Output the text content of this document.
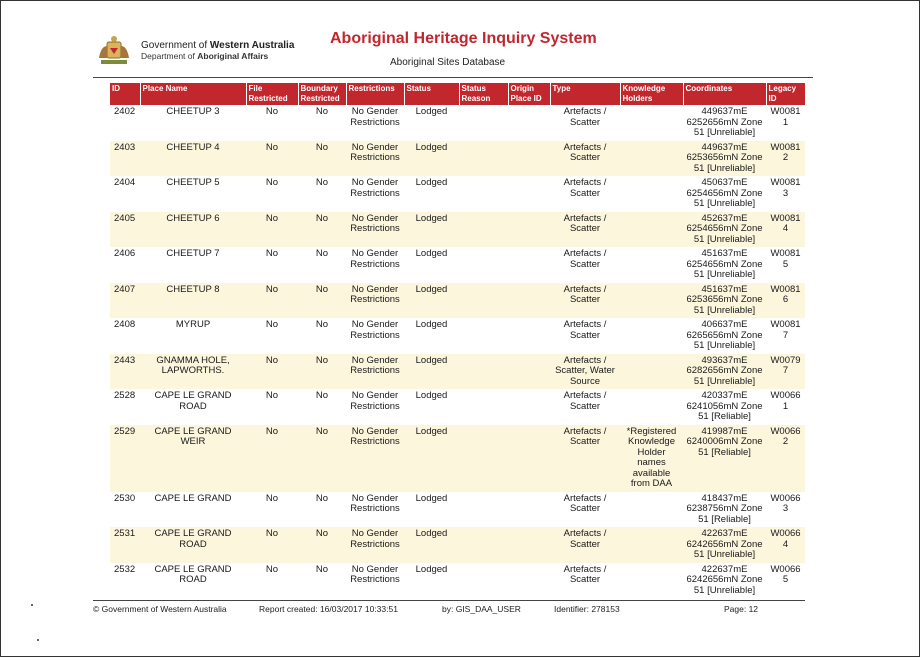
Government of Western Australia
Department of Aboriginal Affairs
Aboriginal Heritage Inquiry System
Aboriginal Sites Database
ID	Place Name	File Restricted	Boundary Restricted	Restrictions	Status	Status Reason	Origin Place ID	Type	Knowledge Holders	Coordinates	Legacy ID
2402	CHEETUP 3	No	No	No Gender Restrictions	Lodged			Artefacts / Scatter		449637mE 6252656mN Zone 51 [Unreliable]	W0081 1
2403	CHEETUP 4	No	No	No Gender Restrictions	Lodged			Artefacts / Scatter		449637mE 6253656mN Zone 51 [Unreliable]	W0081 2
2404	CHEETUP 5	No	No	No Gender Restrictions	Lodged			Artefacts / Scatter		450637mE 6254656mN Zone 51 [Unreliable]	W0081 3
2405	CHEETUP 6	No	No	No Gender Restrictions	Lodged			Artefacts / Scatter		452637mE 6254656mN Zone 51 [Unreliable]	W0081 4
2406	CHEETUP 7	No	No	No Gender Restrictions	Lodged			Artefacts / Scatter		451637mE 6254656mN Zone 51 [Unreliable]	W0081 5
2407	CHEETUP 8	No	No	No Gender Restrictions	Lodged			Artefacts / Scatter		451637mE 6253656mN Zone 51 [Unreliable]	W0081 6
2408	MYRUP	No	No	No Gender Restrictions	Lodged			Artefacts / Scatter		406637mE 6265656mN Zone 51 [Unreliable]	W0081 7
2443	GNAMMA HOLE, LAPWORTHS.	No	No	No Gender Restrictions	Lodged			Artefacts / Scatter, Water Source		493637mE 6282656mN Zone 51 [Unreliable]	W0079 7
2528	CAPE LE GRAND ROAD	No	No	No Gender Restrictions	Lodged			Artefacts / Scatter		420337mE 6241056mN Zone 51 [Reliable]	W0066 1
2529	CAPE LE GRAND WEIR	No	No	No Gender Restrictions	Lodged			Artefacts / Scatter	*Registered Knowledge Holder names available from DAA	419987mE 6240006mN Zone 51 [Reliable]	W0066 2
2530	CAPE LE GRAND	No	No	No Gender Restrictions	Lodged			Artefacts / Scatter		418437mE 6238756mN Zone 51 [Reliable]	W0066 3
2531	CAPE LE GRAND ROAD	No	No	No Gender Restrictions	Lodged			Artefacts / Scatter		422637mE 6242656mN Zone 51 [Unreliable]	W0066 4
2532	CAPE LE GRAND ROAD	No	No	No Gender Restrictions	Lodged			Artefacts / Scatter		422637mE 6242656mN Zone 51 [Unreliable]	W0066 5
© Government of Western Australia	Report created: 16/03/2017 10:33:51	by: GIS_DAA_USER	Identifier: 278153	Page: 12
